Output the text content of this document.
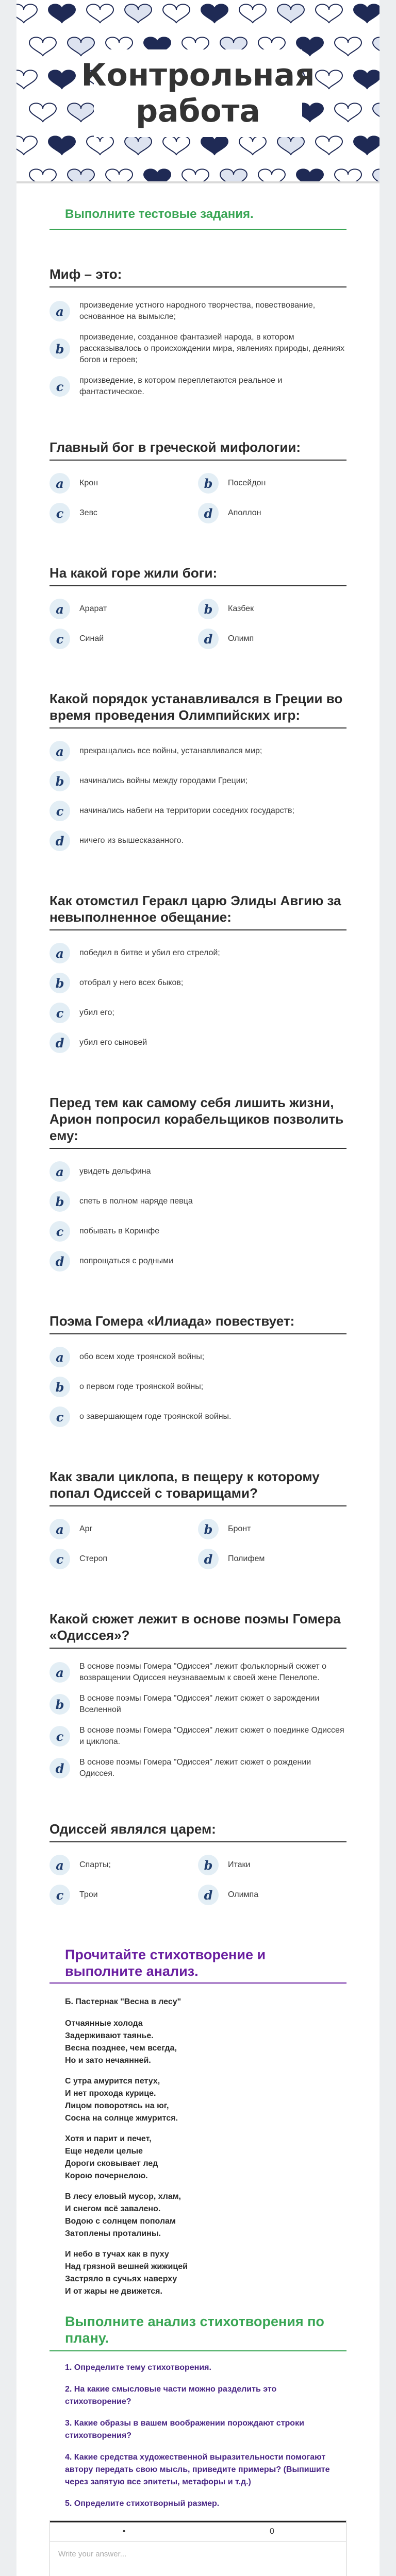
Контрольная
работа
Выполните тестовые задания.
Миф – это:
a	произведение устного народного творчества, повествование, основанное на вымысле;
b
произведение, созданное фантазией народа, в котором рассказывалось о происхождении мира, явлениях природы, деяниях богов и героев;
c	произведение, в котором переплетаются реальное и фантастическое.
Главный бог в греческой мифологии:
a	Крон	b	Посейдон
c	Зевс	d	Аполлон
На какой горе жили боги:
a	Арарат	b	Казбек
c	Синай	d	Олимп
Какой порядок устанавливался в Греции во время проведения Олимпийских игр:
a	прекращались все войны, устанавливался мир;
b	начинались войны между городами Греции;
c	начинались набеги на территории соседних государств;
d	ничего из вышесказанного.
Как отомстил Геракл царю Элиды Авгию за невыполненное обещание:
a	победил в битве и убил его стрелой;
b	отобрал у него всех быков;
c	убил его;
d	убил его сыновей
Перед тем как самому себя лишить жизни, Арион попросил корабельщиков позволить ему:
a	увидеть дельфина
b	спеть в полном наряде певца
c	побывать в Коринфе
d	попрощаться с родными
Поэма Гомера «Илиада» повествует:
a	обо всем ходе троянской войны;
b	о первом годе троянской войны;
c	о завершающем годе троянской войны.
Как звали циклопа, в пещеру к которому попал Одиссей с товарищами?
a	Арг	b	Бронт
c	Стерoп	d	Полифем
Какой сюжет лежит в основе поэмы Гомера «Одиссея»?
a	В основе поэмы Гомера "Одиссея" лежит фольклорный сюжет о возвращении Одиссея неузнаваемым к своей жене Пенелопе.
b	В основе поэмы Гомера "Одиссея" лежит сюжет о зарождении Вселенной
c	В основе поэмы Гомера "Одиссея" лежит сюжет о поединке Одиссея и циклопа.
d	В основе поэмы Гомера "Одиссея" лежит сюжет о рождении Одиссея.
Одиссей являлся царем:
a	Спарты;	b	Итаки
c	Трои	d	Олимпа
Прочитайте стихотворение и выполните анализ.
Б. Пастернак "Весна в лесу"
Отчаянные холода
Задерживают таянье.
Весна позднее, чем всегда,
Но и зато нечаянней.
С утра амурится петух,
И нет прохода курице.
Лицом поворотясь на юг,
Сосна на солнце жмурится.
Хотя и парит и печет,
Еще недели целые
Дороги сковывает лед
Корою почернелою.
В лесу еловый мусор, хлам,
И снегом всё завалено.
Водою с солнцем пополам
Затоплены проталины.
И небо в тучах как в пуху
Над грязной вешней жижицей
Застряло в сучьях наверху
И от жары не движется.
Выполните анализ стихотворения по плану.
1. Определите тему стихотворения.
2. На какие смысловые части можно разделить это стихотворение?
3. Какие образы в вашем воображении порождают строки стихотворения?
4. Какие средства художественной выразительности помогают автору передать свою мысль, приведите примеры? (Выпишите через запятую все эпитеты, метафоры и т.д.)
5. Определите стихотворный размер.
•	0
Write your answer...
